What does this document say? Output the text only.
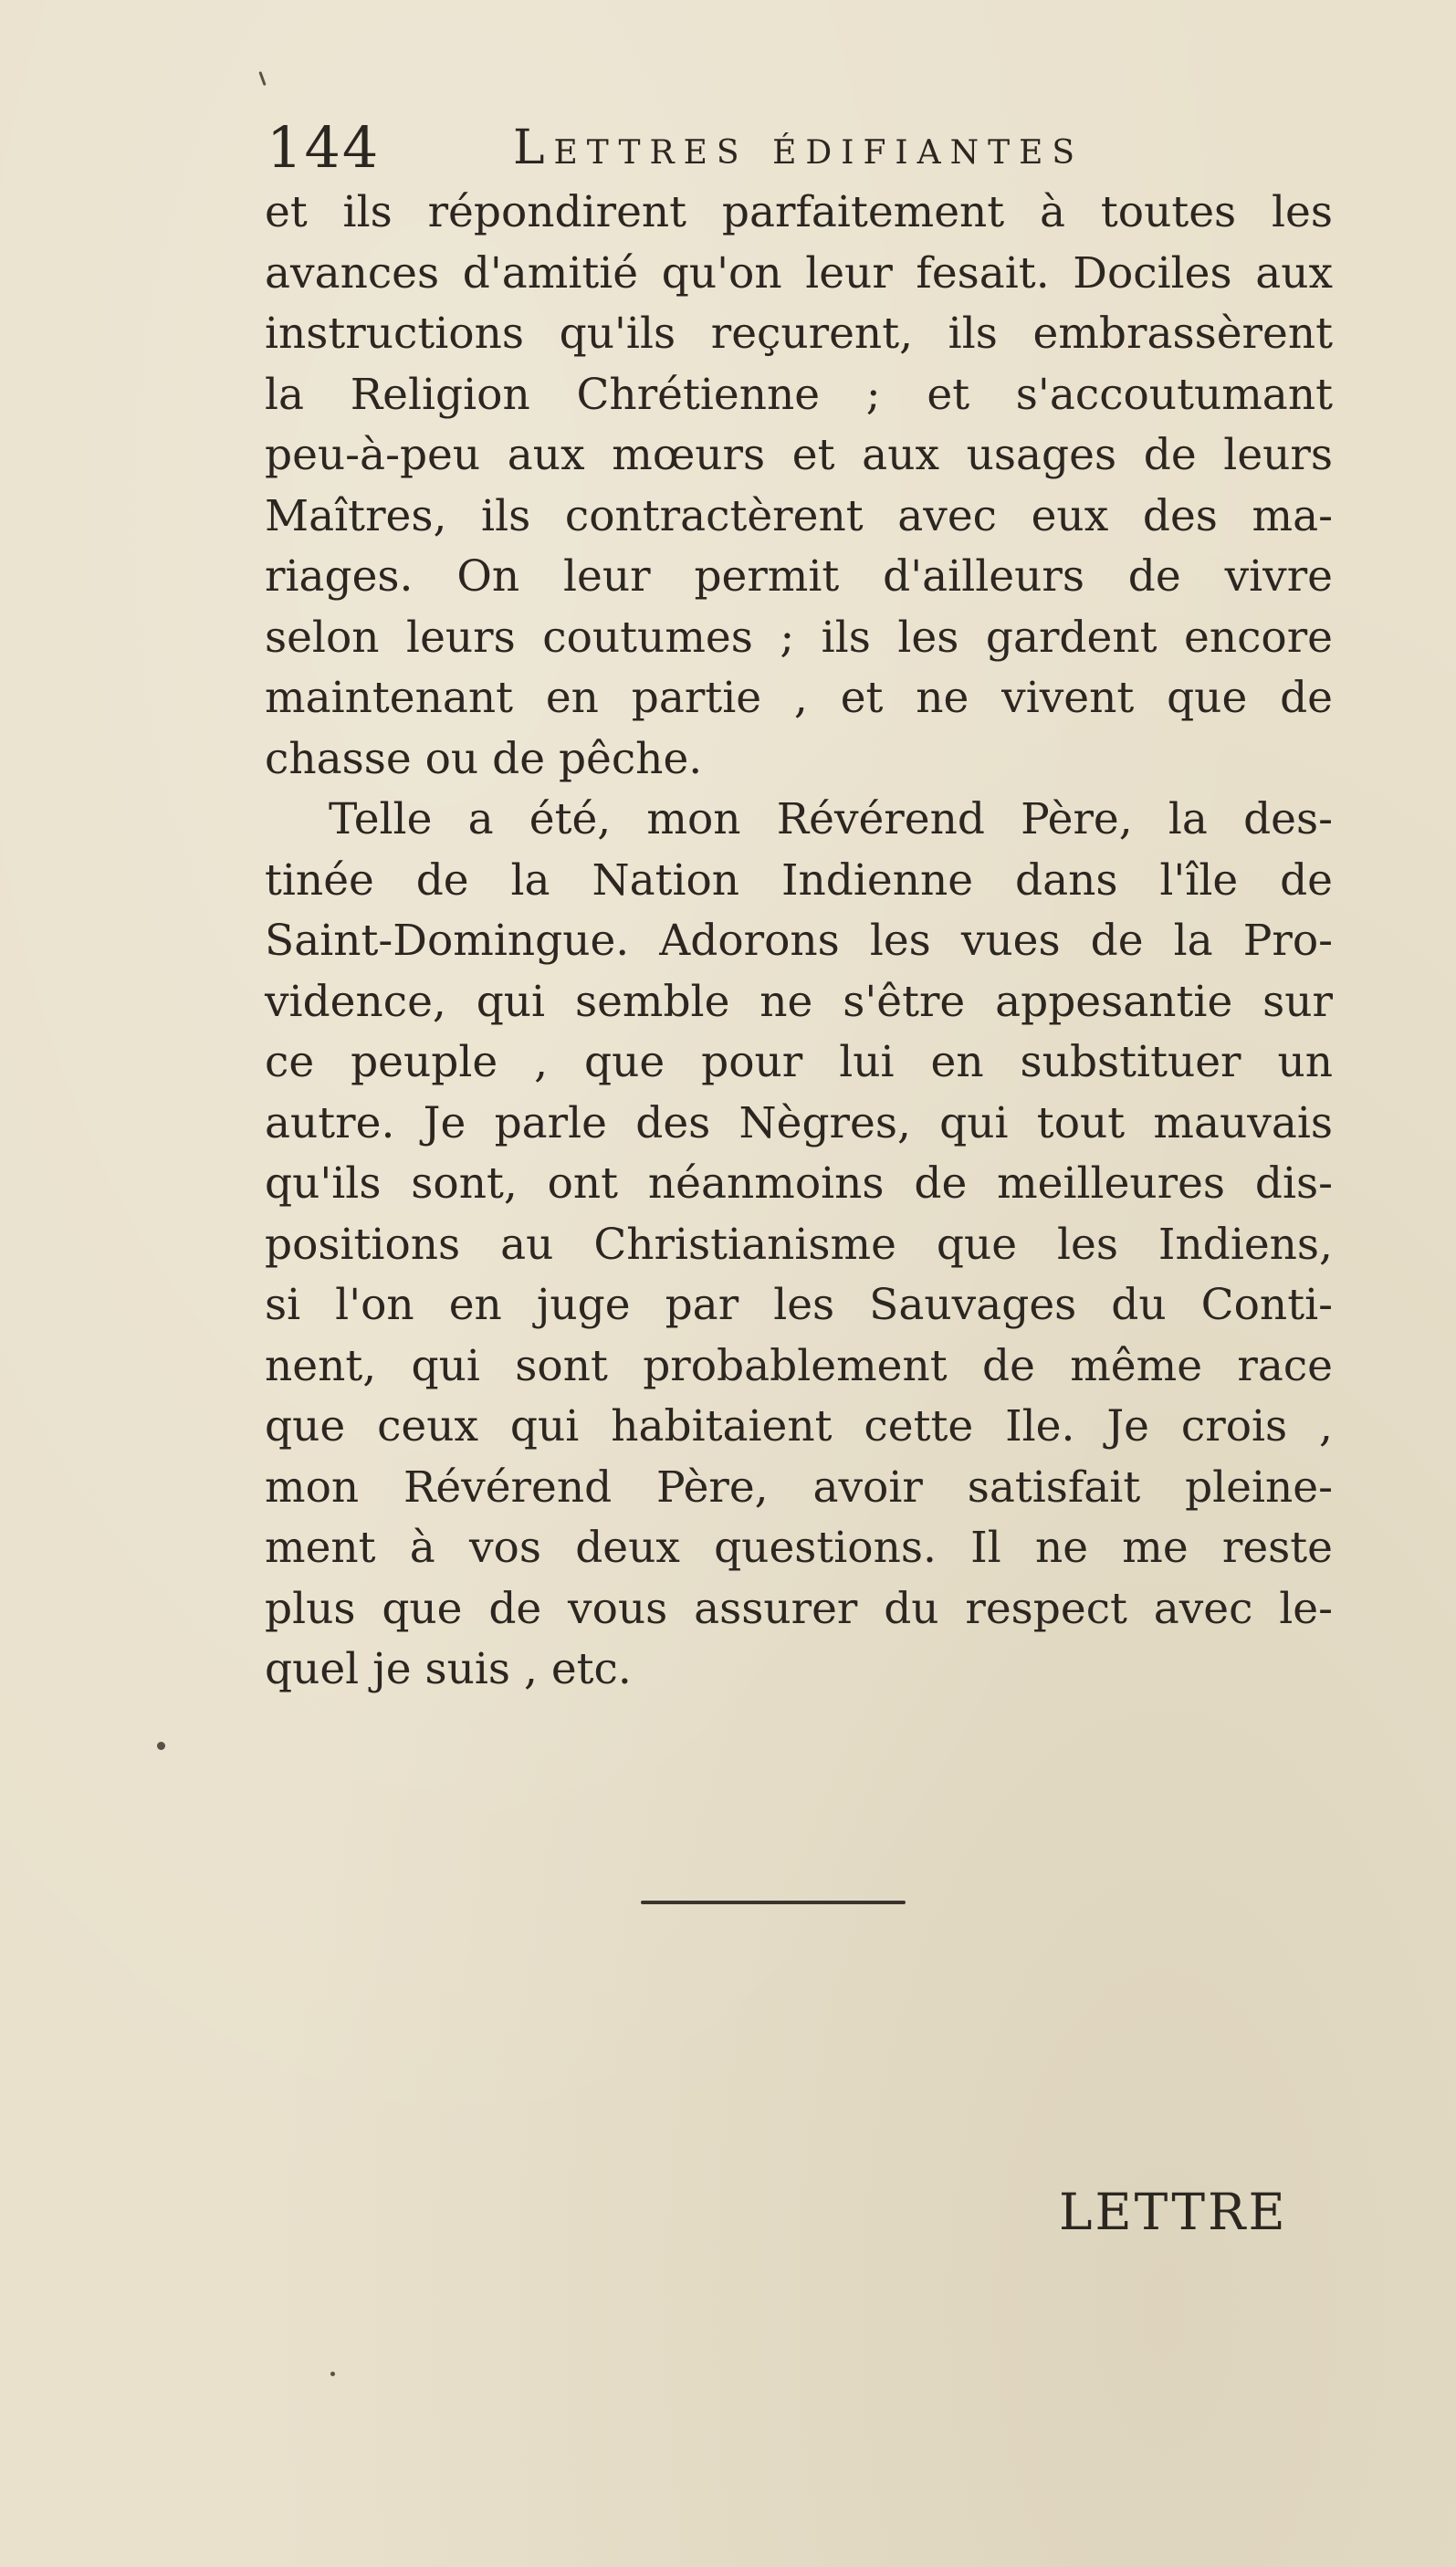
144	Lettres édifiantes
et ils répondirent parfaitement à toutes les
avances d'amitié qu'on leur fesait. Dociles aux
instructions qu'ils reçurent, ils embrassèrent
la Religion Chrétienne ; et s'accoutumant
peu-à-peu aux mœurs et aux usages de leurs
Maîtres, ils contractèrent avec eux des ma-
riages. On leur permit d'ailleurs de vivre
selon leurs coutumes ; ils les gardent encore
maintenant en partie , et ne vivent que de
chasse ou de pêche.
Telle a été, mon Révérend Père, la des-
tinée de la Nation Indienne dans l'île de
Saint-Domingue. Adorons les vues de la Pro-
vidence, qui semble ne s'être appesantie sur
ce peuple , que pour lui en substituer un
autre. Je parle des Nègres, qui tout mauvais
qu'ils sont, ont néanmoins de meilleures dis-
positions au Christianisme que les Indiens,
si l'on en juge par les Sauvages du Conti-
nent, qui sont probablement de même race
que ceux qui habitaient cette Ile. Je crois ,
mon Révérend Père, avoir satisfait pleine-
ment à vos deux questions. Il ne me reste
plus que de vous assurer du respect avec le-
quel je suis , etc.
LETTRE
